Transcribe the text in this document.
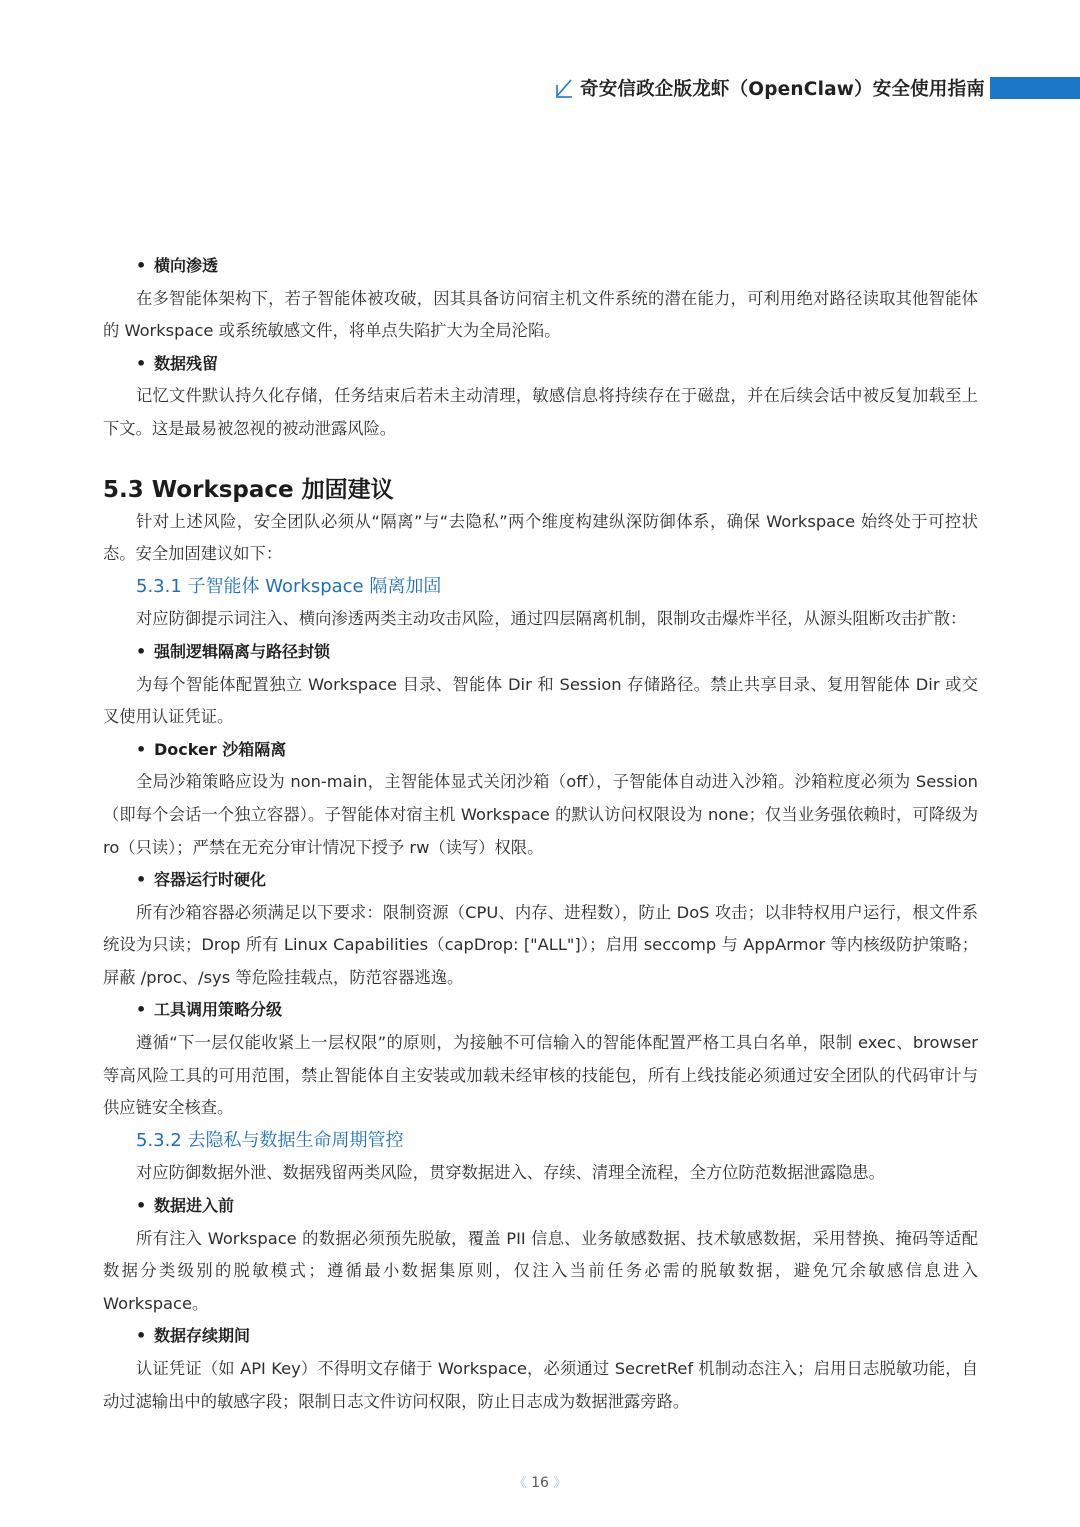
奇安信政企版龙虾（OpenClaw）安全使用指南
• 横向渗透

在多智能体架构下，若子智能体被攻破，因其具备访问宿主机文件系统的潜在能力，可利用绝对路径读取其他智能体的 Workspace 或系统敏感文件，将单点失陷扩大为全局沦陷。

• 数据残留

记忆文件默认持久化存储，任务结束后若未主动清理，敏感信息将持续存在于磁盘，并在后续会话中被反复加载至上下文。这是最易被忽视的被动泄露风险。

5.3 Workspace 加固建议

针对上述风险，安全团队必须从“隔离”与“去隐私”两个维度构建纵深防御体系，确保 Workspace 始终处于可控状态。安全加固建议如下：

5.3.1 子智能体 Workspace 隔离加固

对应防御提示词注入、横向渗透两类主动攻击风险，通过四层隔离机制，限制攻击爆炸半径，从源头阻断攻击扩散：

• 强制逻辑隔离与路径封锁

为每个智能体配置独立 Workspace 目录、智能体 Dir 和 Session 存储路径。禁止共享目录、复用智能体 Dir 或交叉使用认证凭证。

• Docker 沙箱隔离

全局沙箱策略应设为 non-main，主智能体显式关闭沙箱（off），子智能体自动进入沙箱。沙箱粒度必须为 Session（即每个会话一个独立容器）。子智能体对宿主机 Workspace 的默认访问权限设为 none；仅当业务强依赖时，可降级为 ro（只读）；严禁在无充分审计情况下授予 rw（读写）权限。

• 容器运行时硬化

所有沙箱容器必须满足以下要求：限制资源（CPU、内存、进程数），防止 DoS 攻击；以非特权用户运行，根文件系统设为只读；Drop 所有 Linux Capabilities（capDrop: ["ALL"]）；启用 seccomp 与 AppArmor 等内核级防护策略；屏蔽 /proc、/sys 等危险挂载点，防范容器逃逸。

• 工具调用策略分级

遵循“下一层仅能收紧上一层权限”的原则，为接触不可信输入的智能体配置严格工具白名单，限制 exec、browser 等高风险工具的可用范围，禁止智能体自主安装或加载未经审核的技能包，所有上线技能必须通过安全团队的代码审计与供应链安全核查。

5.3.2 去隐私与数据生命周期管控

对应防御数据外泄、数据残留两类风险，贯穿数据进入、存续、清理全流程，全方位防范数据泄露隐患。

• 数据进入前

所有注入 Workspace 的数据必须预先脱敏，覆盖 PII 信息、业务敏感数据、技术敏感数据，采用替换、掩码等适配数据分类级别的脱敏模式；遵循最小数据集原则，仅注入当前任务必需的脱敏数据，避免冗余敏感信息进入 Workspace。

• 数据存续期间

认证凭证（如 API Key）不得明文存储于 Workspace，必须通过 SecretRef 机制动态注入；启用日志脱敏功能，自动过滤输出中的敏感字段；限制日志文件访问权限，防止日志成为数据泄露旁路。

《 16 》
